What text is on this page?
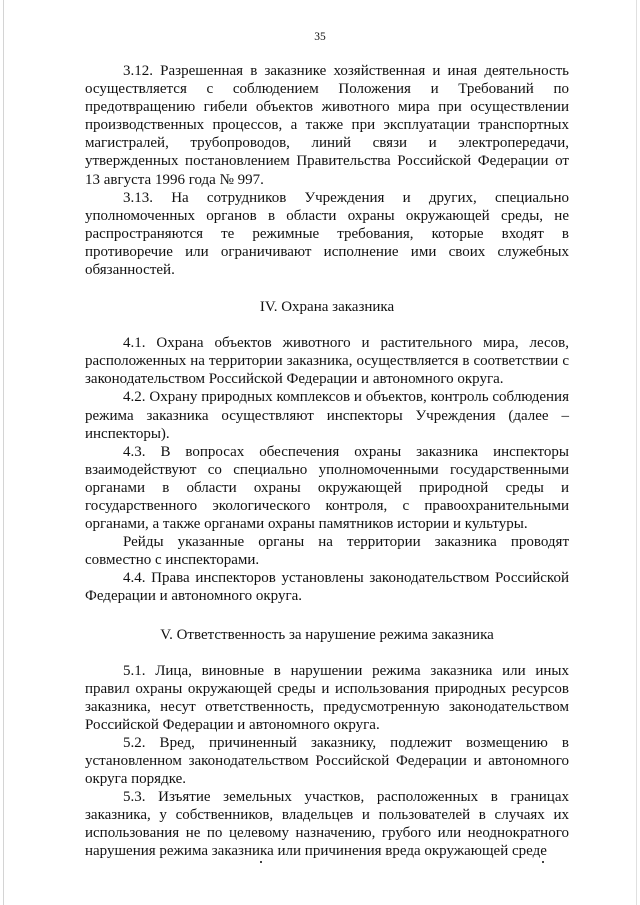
35

3.12. Разрешенная в заказнике хозяйственная и иная деятельность осуществляется с соблюдением Положения и Требований по предотвращению гибели объектов животного мира при осуществлении производственных процессов, а также при эксплуатации транспортных магистралей, трубопроводов, линий связи и электропередачи, утвержденных постановлением Правительства Российской Федерации от 13 августа 1996 года № 997.

3.13. На сотрудников Учреждения и других, специально уполномоченных органов в области охраны окружающей среды, не распространяются те режимные требования, которые входят в противоречие или ограничивают исполнение ими своих служебных обязанностей.

IV. Охрана заказника

4.1. Охрана объектов животного и растительного мира, лесов, расположенных на территории заказника, осуществляется в соответствии с законодательством Российской Федерации и автономного округа.

4.2. Охрану природных комплексов и объектов, контроль соблюдения режима заказника осуществляют инспекторы Учреждения (далее – инспекторы).

4.3. В вопросах обеспечения охраны заказника инспекторы взаимодействуют со специально уполномоченными государственными органами в области охраны окружающей природной среды и государственного экологического контроля, с правоохранительными органами, а также органами охраны памятников истории и культуры.

Рейды указанные органы на территории заказника проводят совместно с инспекторами.

4.4. Права инспекторов установлены законодательством Российской Федерации и автономного округа.

V. Ответственность за нарушение режима заказника

5.1. Лица, виновные в нарушении режима заказника или иных правил охраны окружающей среды и использования природных ресурсов заказника, несут ответственность, предусмотренную законодательством Российской Федерации и автономного округа.

5.2. Вред, причиненный заказнику, подлежит возмещению в установленном законодательством Российской Федерации и автономного округа порядке.

5.3. Изъятие земельных участков, расположенных в границах заказника, у собственников, владельцев и пользователей в случаях их использования не по целевому назначению, грубого или неоднократного нарушения режима заказника или причинения вреда окружающей среде
